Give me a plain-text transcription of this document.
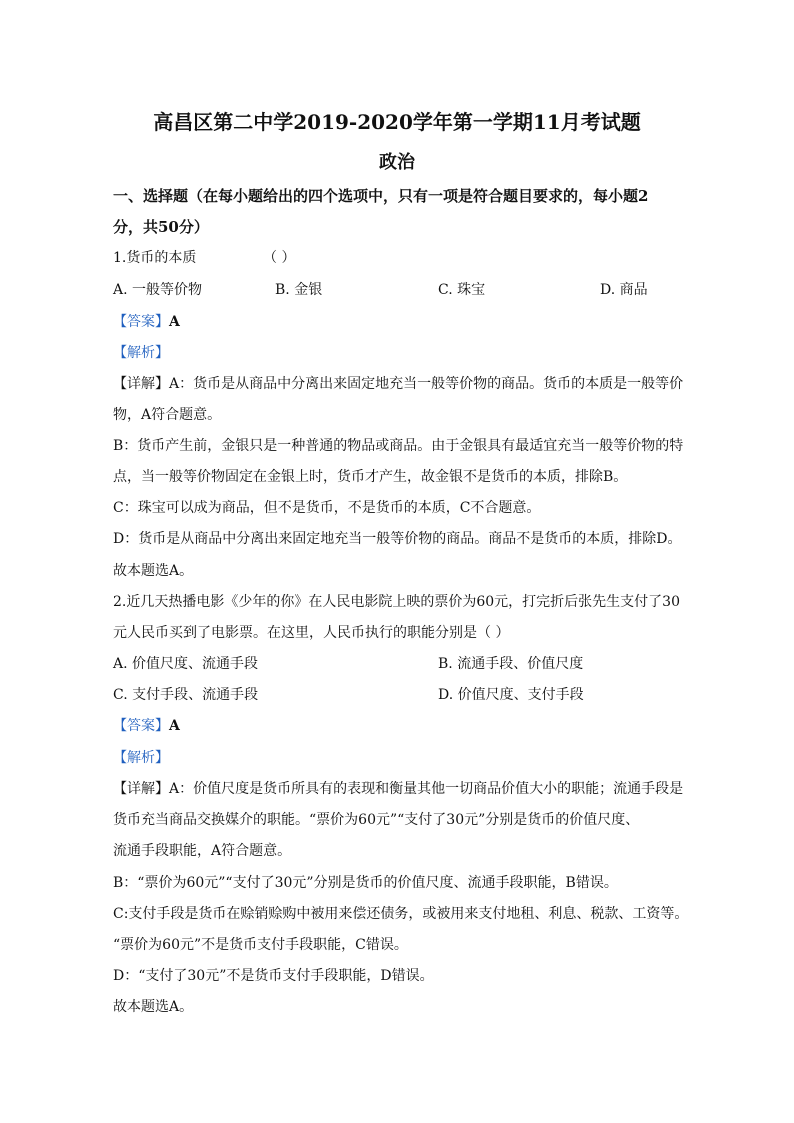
高昌区第二中学2019-2020学年第一学期11月考试题
政治
一、选择题（在每小题给出的四个选项中，只有一项是符合题目要求的，每小题2
分，共50分）
1.货币的本质	（ ）
A. 一般等价物	B. 金银	C. 珠宝	D. 商品
【答案】A
【解析】
【详解】A：货币是从商品中分离出来固定地充当一般等价物的商品。货币的本质是一般等价
物，A符合题意。
B：货币产生前，金银只是一种普通的物品或商品。由于金银具有最适宜充当一般等价物的特
点，当一般等价物固定在金银上时，货币才产生，故金银不是货币的本质，排除B。
C：珠宝可以成为商品，但不是货币，不是货币的本质，C不合题意。
D：货币是从商品中分离出来固定地充当一般等价物的商品。商品不是货币的本质，排除D。
故本题选A。
2.近几天热播电影《少年的你》在人民电影院上映的票价为60元，打完折后张先生支付了30
元人民币买到了电影票。在这里，人民币执行的职能分别是（ ）
A. 价值尺度、流通手段	B. 流通手段、价值尺度
C. 支付手段、流通手段	D. 价值尺度、支付手段
【答案】A
【解析】
【详解】A：价值尺度是货币所具有的表现和衡量其他一切商品价值大小的职能；流通手段是
货币充当商品交换媒介的职能。“票价为60元”“支付了30元”分别是货币的价值尺度、
流通手段职能，A符合题意。
B：“票价为60元”“支付了30元”分别是货币的价值尺度、流通手段职能，B错误。
C:支付手段是货币在赊销赊购中被用来偿还债务，或被用来支付地租、利息、税款、工资等。
“票价为60元”不是货币支付手段职能，C错误。
D：“支付了30元”不是货币支付手段职能，D错误。
故本题选A。
